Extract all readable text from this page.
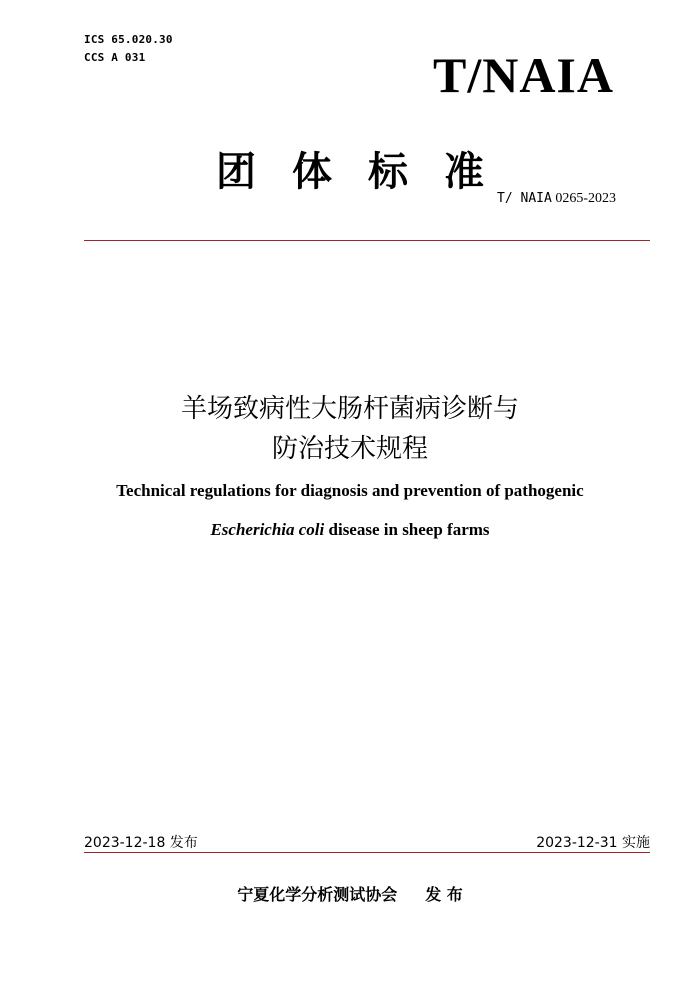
ICS 65.020.30
CCS A 031	T/NAIA
团体标准
T/ NAIA 0265-2023
羊场致病性大肠杆菌病诊断与
防治技术规程
Technical regulations for diagnosis and prevention of pathogenic
Escherichia coli disease in sheep farms
2023-12-18 发布	2023-12-31 实施
宁夏化学分析测试协会 发 布
